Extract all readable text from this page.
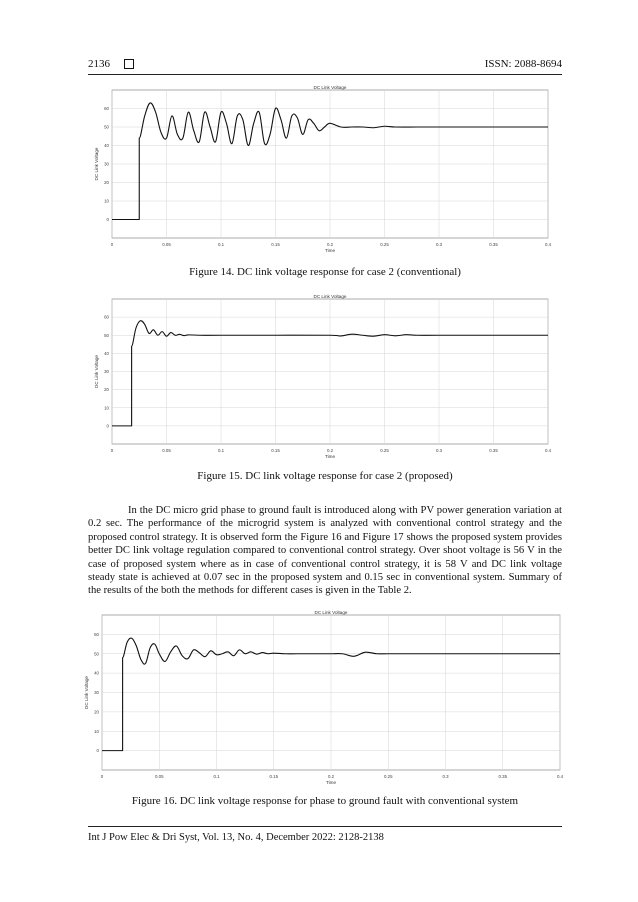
2136	ISSN: 2088-8694
DC Link Voltage
0	0.05	0.1	0.15	0.2	0.25	0.3	0.35	0.4
0
10
20
30
40
50
60
Time
DC Link Voltage
Figure 14. DC link voltage response for case 2 (conventional)
DC Link Voltage
0	0.05	0.1	0.15	0.2	0.25	0.3	0.35	0.4
0
10
20
30
40
50
60
Time
DC Link Voltage
Figure 15. DC link voltage response for case 2 (proposed)

In the DC micro grid phase to ground fault is introduced along with PV power generation variation at 0.2 sec. The performance of the microgrid system is analyzed with conventional control strategy and the proposed control strategy. It is observed form the Figure 16 and Figure 17 shows the proposed system provides better DC link voltage regulation compared to conventional control strategy. Over shoot voltage is 56 V in the case of proposed system where as in case of conventional control strategy, it is 58 V and DC link voltage steady state is achieved at 0.07 sec in the proposed system and 0.15 sec in conventional system. Summary of the results of the both the methods for different cases is given in the Table 2.

DC Link Voltage
0	0.05	0.1	0.15	0.2	0.25	0.3	0.35	0.4
0
10
20
30
40
50
60
Time
DC Link Voltage
Figure 16. DC link voltage response for phase to ground fault with conventional system
Int J Pow Elec & Dri Syst, Vol. 13, No. 4, December 2022: 2128-2138
